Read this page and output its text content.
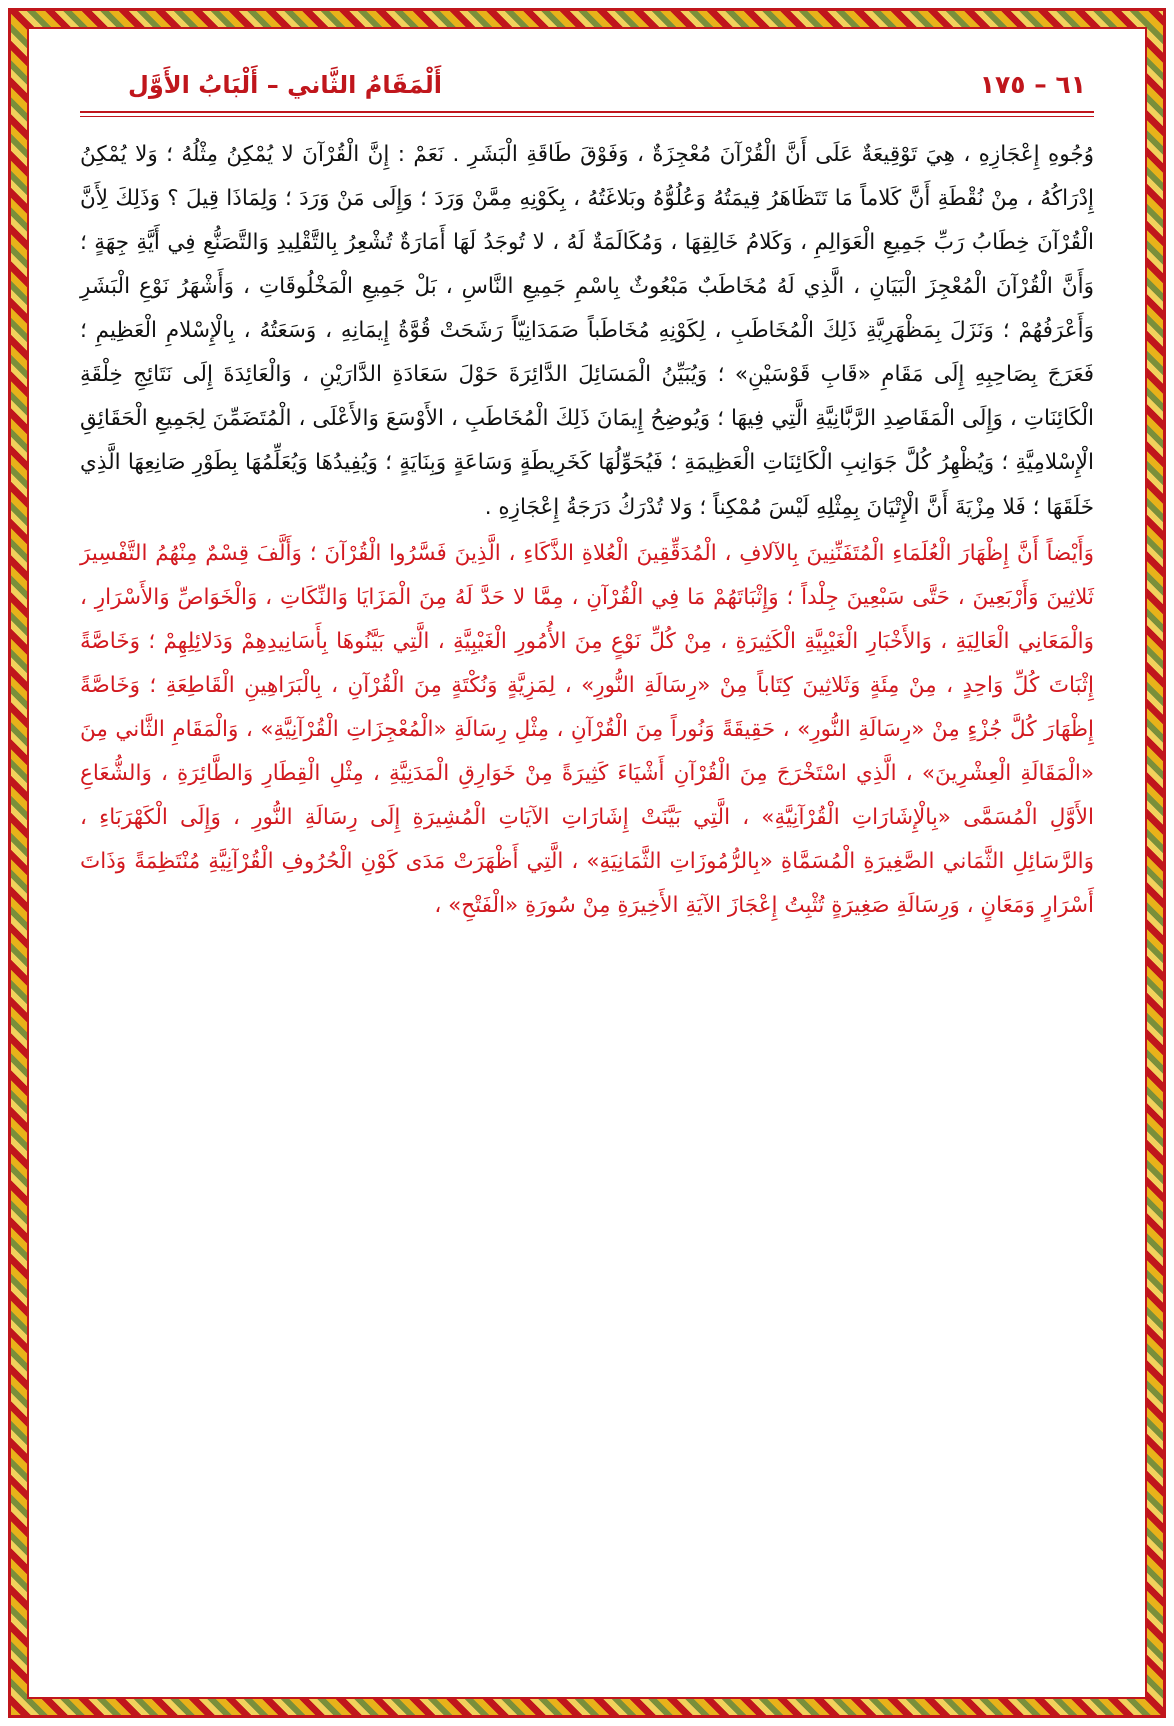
٦١ – ١٧٥
أَلْمَقَامُ الثَّاني – أَلْبَابُ الأَوَّل

وُجُوهِ إِعْجَازِهِ ، هِيَ تَوْقِيعَةٌ عَلَى أَنَّ الْقُرْآنَ مُعْجِزَةٌ ، وَفَوْقَ طَاقَةِ الْبَشَرِ . نَعَمْ : إِنَّ الْقُرْآنَ لا يُمْكِنُ مِثْلُهُ ؛ وَلا يُمْكِنُ إِدْرَاكُهُ ، مِنْ نُقْطَةِ أَنَّ كَلاماً مَا تَتَظَاهَرُ قِيمَتُهُ وَعُلُوُّهُ وبَلاغَتُهُ ، بِكَوْنِهِ مِمَّنْ وَرَدَ ؛ وَإِلَى مَنْ وَرَدَ ؛ وَلِمَاذَا قِيلَ ؟ وَذَلِكَ لِأَنَّ الْقُرْآنَ خِطَابُ رَبِّ جَمِيعِ الْعَوَالِمِ ، وَكَلامُ خَالِقِهَا ، وَمُكَالَمَةٌ لَهُ ، لا تُوجَدُ لَهَا أَمَارَةٌ تُشْعِرُ بِالتَّقْلِيدِ وَالتَّصَنُّعِ فِي أَيَّةِ جِهَةٍ ؛ وَأَنَّ الْقُرْآنَ الْمُعْجِزَ الْبَيَانِ ، الَّذِي لَهُ مُخَاطَبٌ مَبْعُوثٌ بِاسْمِ جَمِيعِ النَّاسِ ، بَلْ جَمِيعِ الْمَخْلُوقَاتِ ، وَأَشْهَرُ نَوْعِ الْبَشَرِ وَأَعْرَفُهُمْ ؛ وَنَزَلَ بِمَظْهَرِيَّةِ ذَلِكَ الْمُخَاطَبِ ، لِكَوْنِهِ مُخَاطَباً صَمَدَانِيّاً رَشَحَتْ قُوَّةُ إِيمَانِهِ ، وَسَعَتُهُ ، بِالْإِسْلامِ الْعَظِيمِ ؛ فَعَرَجَ بِصَاحِبِهِ إِلَى مَقَامِ «قَابِ قَوْسَيْنِ» ؛ وَيُبَيِّنُ الْمَسَائِلَ الدَّائِرَةَ حَوْلَ سَعَادَةِ الدَّارَيْنِ ، وَالْعَائِدَةَ إِلَى نَتَائِجِ خِلْقَةِ الْكَائِنَاتِ ، وَإِلَى الْمَقَاصِدِ الرَّبَّانِيَّةِ الَّتِي فِيهَا ؛ وَيُوضِحُ إِيمَانَ ذَلِكَ الْمُخَاطَبِ ، الأَوْسَعَ وَالأَعْلَى ، الْمُتَضَمِّنَ لِجَمِيعِ الْحَقَائِقِ الْإِسْلامِيَّةِ ؛ وَيُظْهِرُ كُلَّ جَوَانِبِ الْكَائِنَاتِ الْعَظِيمَةِ ؛ فَيُحَوِّلُهَا كَخَرِيطَةٍ وَسَاعَةٍ وَبِنَايَةٍ ؛ وَيُفِيدُهَا وَيُعَلِّمُهَا بِطَوْرِ صَانِعِهَا الَّذِي خَلَقَهَا ؛ فَلا مِزْيَةَ أَنَّ الْإِتْيَانَ بِمِثْلِهِ لَيْسَ مُمْكِناً ؛ وَلا تُدْرَكُ دَرَجَةُ إِعْجَازِهِ .

وَأَيْضاً أَنَّ إِظْهَارَ الْعُلَمَاءِ الْمُتَفَنِّنِينَ بِالآلافِ ، الْمُدَقِّقِينَ الْعُلاةِ الذَّكَاءِ ، الَّذِينَ فَسَّرُوا الْقُرْآنَ ؛ وَأَلَّفَ قِسْمٌ مِنْهُمُ التَّفْسِيرَ ثَلاثِينَ وَأَرْبَعِينَ ، حَتَّى سَبْعِينَ جِلْداً ؛ وَإِثْبَاتَهُمْ مَا فِي الْقُرْآنِ ، مِمَّا لا حَدَّ لَهُ مِنَ الْمَزَايَا وَالنِّكَاتِ ، وَالْخَوَاصِّ وَالأَسْرَارِ ، وَالْمَعَانِي الْعَالِيَةِ ، وَالأَخْبَارِ الْغَيْبِيَّةِ الْكَثِيرَةِ ، مِنْ كُلِّ نَوْعٍ مِنَ الأُمُورِ الْغَيْبِيَّةِ ، الَّتِي بَيَّنُوهَا بِأَسَانِيدِهِمْ وَدَلائِلِهِمْ ؛ وَخَاصَّةً إِثْبَاتَ كُلِّ وَاحِدٍ ، مِنْ مِئَةٍ وَثَلاثِينَ كِتَاباً مِنْ «رِسَالَةِ النُّورِ» ، لِمَزِيَّةٍ وَنُكْتَةٍ مِنَ الْقُرْآنِ ، بِالْبَرَاهِينِ الْقَاطِعَةِ ؛ وَخَاصَّةً إِظْهَارَ كُلَّ جُزْءٍ مِنْ «رِسَالَةِ النُّورِ» ، حَقِيقَةً وَنُوراً مِنَ الْقُرْآنِ ، مِثْلِ رِسَالَةِ «الْمُعْجِزَاتِ الْقُرْآنِيَّةِ» ، وَالْمَقَامِ الثَّاني مِنَ «الْمَقَالَةِ الْعِشْرِينَ» ، الَّذِي اسْتَخْرَجَ مِنَ الْقُرْآنِ أَشْيَاءَ كَثِيرَةً مِنْ خَوَارِقِ الْمَدَنِيَّةِ ، مِثْلِ الْقِطَارِ وَالطَّائِرَةِ ، وَالشُّعَاعِ الأَوَّلِ الْمُسَمَّى «بِالْإِشَارَاتِ الْقُرْآنِيَّةِ» ، الَّتِي بَيَّنَتْ إِشَارَاتِ الآيَاتِ الْمُشِيرَةِ إِلَى رِسَالَةِ النُّورِ ، وَإِلَى الْكَهْرَبَاءِ ، وَالرَّسَائِلِ الثَّمَاني الصَّغِيرَةِ الْمُسَمَّاةِ «بِالرُّمُوزَاتِ الثَّمَانِيَةِ» ، الَّتِي أَظْهَرَتْ مَدَى كَوْنِ الْحُرُوفِ الْقُرْآنِيَّةِ مُنْتَظِمَةً وَذَاتَ أَسْرَارٍ وَمَعَانٍ ، وَرِسَالَةِ صَغِيرَةٍ تُثْبِتُ إِعْجَازَ الآيَةِ الأَخِيرَةِ مِنْ سُورَةِ «الْفَتْحِ» ،
